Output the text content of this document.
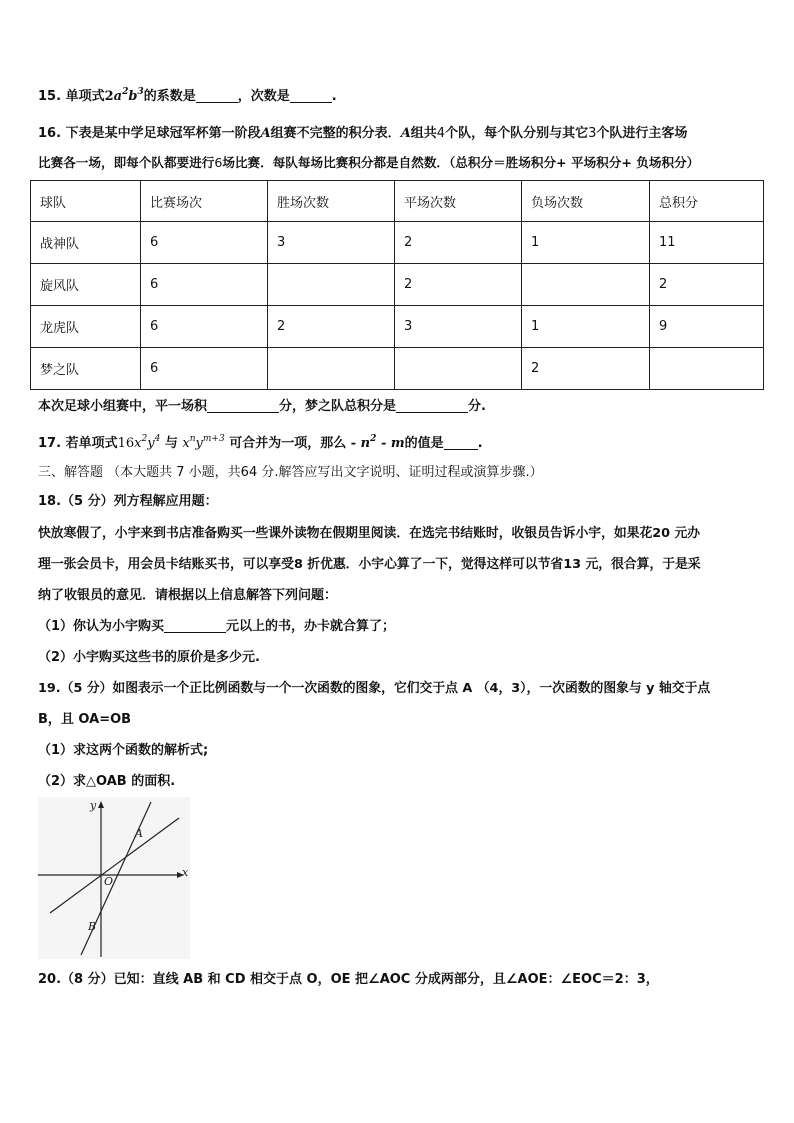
15. 单项式$2a^2b^3$的系数是	，次数是	.
16. 下表是某中学足球冠军杯第一阶段A组赛不完整的积分表．A组共4个队，每个队分别与其它3个队进行主客场
比赛各一场，即每个队都要进行6场比赛．每队每场比赛积分都是自然数．（总积分＝胜场积分+ 平场积分+ 负场积分）
球队	比赛场次	胜场次数	平场次数	负场次数	总积分
战神队	6	3	2	1	11
旋风队	6		2		2
龙虎队	6	2	3	1	9
梦之队	6			2	
本次足球小组赛中，平一场积	分，梦之队总积分是	分.
17. 若单项式$16x^2y^4$ 与 $x^ny^{m+3}$ 可合并为一项，那么 - $n^2$ - m的值是	.
三、解答题 （本大题共 7 小题，共64 分.解答应写出文字说明、证明过程或演算步骤.）
18.（5 分）列方程解应用题：
快放寒假了，小宇来到书店准备购买一些课外读物在假期里阅读．在选完书结账时，收银员告诉小宇，如果花20 元办
理一张会员卡，用会员卡结账买书，可以享受8 折优惠．小宇心算了一下，觉得这样可以节省13 元，很合算，于是采
纳了收银员的意见．请根据以上信息解答下列问题：
（1）你认为小宇购买	元以上的书，办卡就合算了；
（2）小宇购买这些书的原价是多少元.
19.（5 分）如图表示一个正比例函数与一个一次函数的图象，它们交于点 A （4，3），一次函数的图象与 y 轴交于点
B，且 OA=OB
（1）求这两个函数的解析式;
（2）求△OAB 的面积.
y
x
A
O
B
20.（8 分）已知：直线 AB 和 CD 相交于点 O，OE 把∠AOC 分成两部分，且∠AOE：∠EOC＝2：3，
